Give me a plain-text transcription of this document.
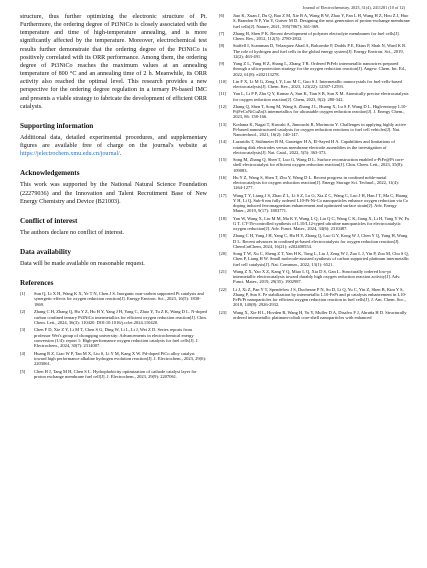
Journal of Electrochemistry, 2025, 31(4), 2411281 (10 of 12)

structure, thus further optimizing the electronic structure of Pt. Furthermore, the ordering degree of Pt3NiCo is closely associated with the temperature and time of high-temperature annealing, and is more significantly affected by the temperature. Moreover, electrochemical test results further demonstrate that the ordering degree of the Pt3NiCo is positively correlated with its ORR performance. Among them, the ordering degree of Pt3NiCo reaches the maximum values at an annealing temperature of 800 °C and an annealing time of 2 h. Meanwhile, its ORR activity also reached the optimal level. This research provides a new perspective for the ordering degree regulation in a ternary Pt-based IMC and presents a viable strategy to fabricate the development of efficient ORR catalysts.

Supporting information

Additional data, detailed experimental procedures, and supplementary figures are available free of charge on the journal's website at https://jelectrochem.xmu.edu.cn/journal/.

Acknowledgements

This work was supported by the National Natural Science Foundation (22279036) and the Innovation and Talent Recruitment Base of New Energy Chemistry and Device (B21003).

Conflict of interest

The authors declare no conflict of interest.

Data availability

Data will be made available on reasonable request.

References
[1] Sun Q, Li X H, Wang K X, Ye T N, Chen J S. Inorganic non-carbon supported Pt catalysts and synergetic effects for oxygen reduction reaction[J]. Energy Environ. Sci., 2023, 16(5): 1838-1869.
[2] Zhang C H, Zhang Q, Hu Y Z, Hu H Y, Yang J H, Yang C, Zhao Y, Tu Z K, Wang D L. N-doped carbon confined ternary Pt3NiCo intermetallics for efficient oxygen reduction reaction[J]. Chin. Chem. Lett., 2024, 36(3): 110420. DOI:10.1016/j.cclet.2024.110420.
[3] Chen F D, Xie Z Y, Li M T, Chen S G, Ding W, Li L, Li J, Wei Z D. Series reports from professor Wei's group of chongqing university: Advancements in electrochemical energy conversion (1/4): report 1: High-performance oxygen reduction catalysts for fuel cells[J]. J. Electrochem., 2024, 30(7): 2314007.
[4] Huang R Z, Liao W P, Tan M X, Liu S, Li Y M, Kang X W. Pd-doped PtCo alloy catalyst toward high performance alkaline hydrogen evolution reaction[J]. J. Electrochem., 2023, 29(6): 2203061.
[5] Chen H J, Tang M H, Chen S L. Hydrophobicity optimization of cathode catalyst layer for proton exchange membrane fuel cell[J]. J. Electrochem., 2023, 29(9): 2207061.
[6] Jiao K, Xuan J, Du Q, Bao Z M, Xie B A, Wang B W, Zhao Y, Fan L H, Wang H Z, Hou Z J, Huo S, Brandon N P, Yin Y, Guiver M D. Designing the next generation of proton-exchange membrane fuel cells[J]. Nature, 2021, 595(7867): 361-369.
[7] Zhang H, Shen P K. Recent development of polymer electrolyte membranes for fuel cells[J]. Chem. Rev., 2012, 112(5): 2780-2832.
[8] Staffell I, Scamman D, Velazquez Abad A, Balcombe P, Dodds P E, Ekins P, Shah N, Ward K R. The role of hydrogen and fuel cells in the global energy system[J]. Energy Environ. Sci., 2019, 12(2): 463-491.
[9] Yang Z L, Yang H Z, Shang L, Zhang T R. Ordered PtFeIr intermetallic nanowires prepared through a silica-protection strategy for the oxygen reduction reaction[J]. Angew. Chem. Int. Ed., 2022, 61(8): e202113278.
[10] Lin F X, Li M G, Zeng L Y, Luo M C, Guo S J. Intermetallic nanocrystals for fuel-cells-based electrocatalysis[J]. Chem. Rev., 2023, 123(22): 12507-12593.
[11] Yan L, Li P P, Zhu Q Y, Kumar A, Sun K, Tian S B, Sun X M. Atomically precise electrocatalysts for oxygen reduction reaction[J]. Chem, 2023, 9(2): 280-342.
[12] Zhang Q, Shen T, Song M, Wang S, Zhang J L, Huang X, Lu S F, Wang D L. High-entropy L10-Pt(FeCoNiCuZn)3 intermetallics for ultrastable oxygen reduction reaction[J]. J. Energy Chem., 2023, 86: 158-166.
[13] Kodama K, Nagai T, Kuwaki A, Jinnouchi R, Morimoto Y. Challenges in applying highly active Pt-based nanostructured catalysts for oxygen reduction reactions to fuel cell vehicles[J]. Nat. Nanotechnol., 2021, 16(2): 140-147.
[14] Lazaridis T, Stühmeier B M, Gasteiger H A, El-Sayed H A. Capabilities and limitations of rotating disk electrodes versus membrane electrode assemblies in the investigation of electrocatalysts[J]. Nat. Catal., 2022, 5(5): 363-373.
[15] Song M, Zhang Q, Shen T, Luo G, Wang D L. Surface reconstruction enabled o-PtFe@Pt core-shell electrocatalyst for efficient oxygen reduction reaction[J]. Chin. Chem. Lett., 2023, 35(8): 109083.
[16] Hu Y Z, Wang S, Shen T, Zhu Y, Wang D L. Recent progress in confined noble-metal electrocatalysts for oxygen reduction reaction[J]. Energy Storage Sci. Technol., 2022, 11(4): 1264-1277.
[17] Wang T Y, Liang J S, Zhao Z L, Li S Z, Lu G, Xia Z C, Wang C, Luo J H, Han J T, Ma C, Huang Y H, Li Q. Sub-6 nm fully ordered L10-Pt-Ni-Co nanoparticles enhance oxygen reduction via Co doping induced ferromagnetism enhancement and optimized surface strain[J]. Adv. Energy Mater., 2019, 9(17): 1803771.
[18] Yan W, Wang X, Liu M M, Ma K Y, Wang L Q, Liu Q C, Wang C K, Jiang X, Li H, Tang Y W, Fu G T. CT-Tb-controlled synthesis of L10/L12-typed ultrafine nanoparticles for electrocatalytic oxygen reduction[J]. Adv. Funct. Mater., 2024, 34(6): 2310487.
[19] Zhang C H, Yang J H, Yang C, Hu H Y, Zhang Q, Luo G Y, Kong W J, Chen Y Q, Yang H, Wang D L. Recent advances in confined pt-based electrocatalysts for oxygen reduction reaction[J]. ChemCatChem, 2024, 16(21): e202400554.
[20] Song T W, Xu C, Sheng Z T, Yan H K, Tong L, Liu J, Zeng W J, Zuo L J, Yin P, Zuo M, Chu S Q, Chen P, Liang H W. Small molecule-assisted synthesis of carbon supported platinum intermetallic fuel cell catalysts[J]. Nat. Commun., 2022, 13(1): 6521.
[21] Wang Z X, Yao X Z, Kang Y Q, Miao L Q, Xia D S, Gan L. Structurally ordered low-pt intermetallic electrocatalysts toward durably high oxygen reduction reaction activity[J]. Adv. Funct. Mater., 2019, 29(35): 1902987.
[22] Li J, Xi Z, Pan Y T, Spendelow J S, Duchesne P N, Su D, Li Q, Yu C, Yin Z, Shen B, Kim Y S, Zhang P, Sun S. Fe stabilization by intermetallic L10-FePt and pt catalysis enhancement in L10-FePt/Pt nanoparticles for efficient oxygen reduction reaction in fuel cells[J]. J. Am. Chem. Soc., 2018, 140(8): 2926-2932.
[23] Wang X, Xie H L, Hovden R, Wang H, Yu Y, Muller D A, Disalvo F J, Abruña H D. Structurally ordered intermetallic platinum-cobalt core-shell nanoparticles with enhanced
